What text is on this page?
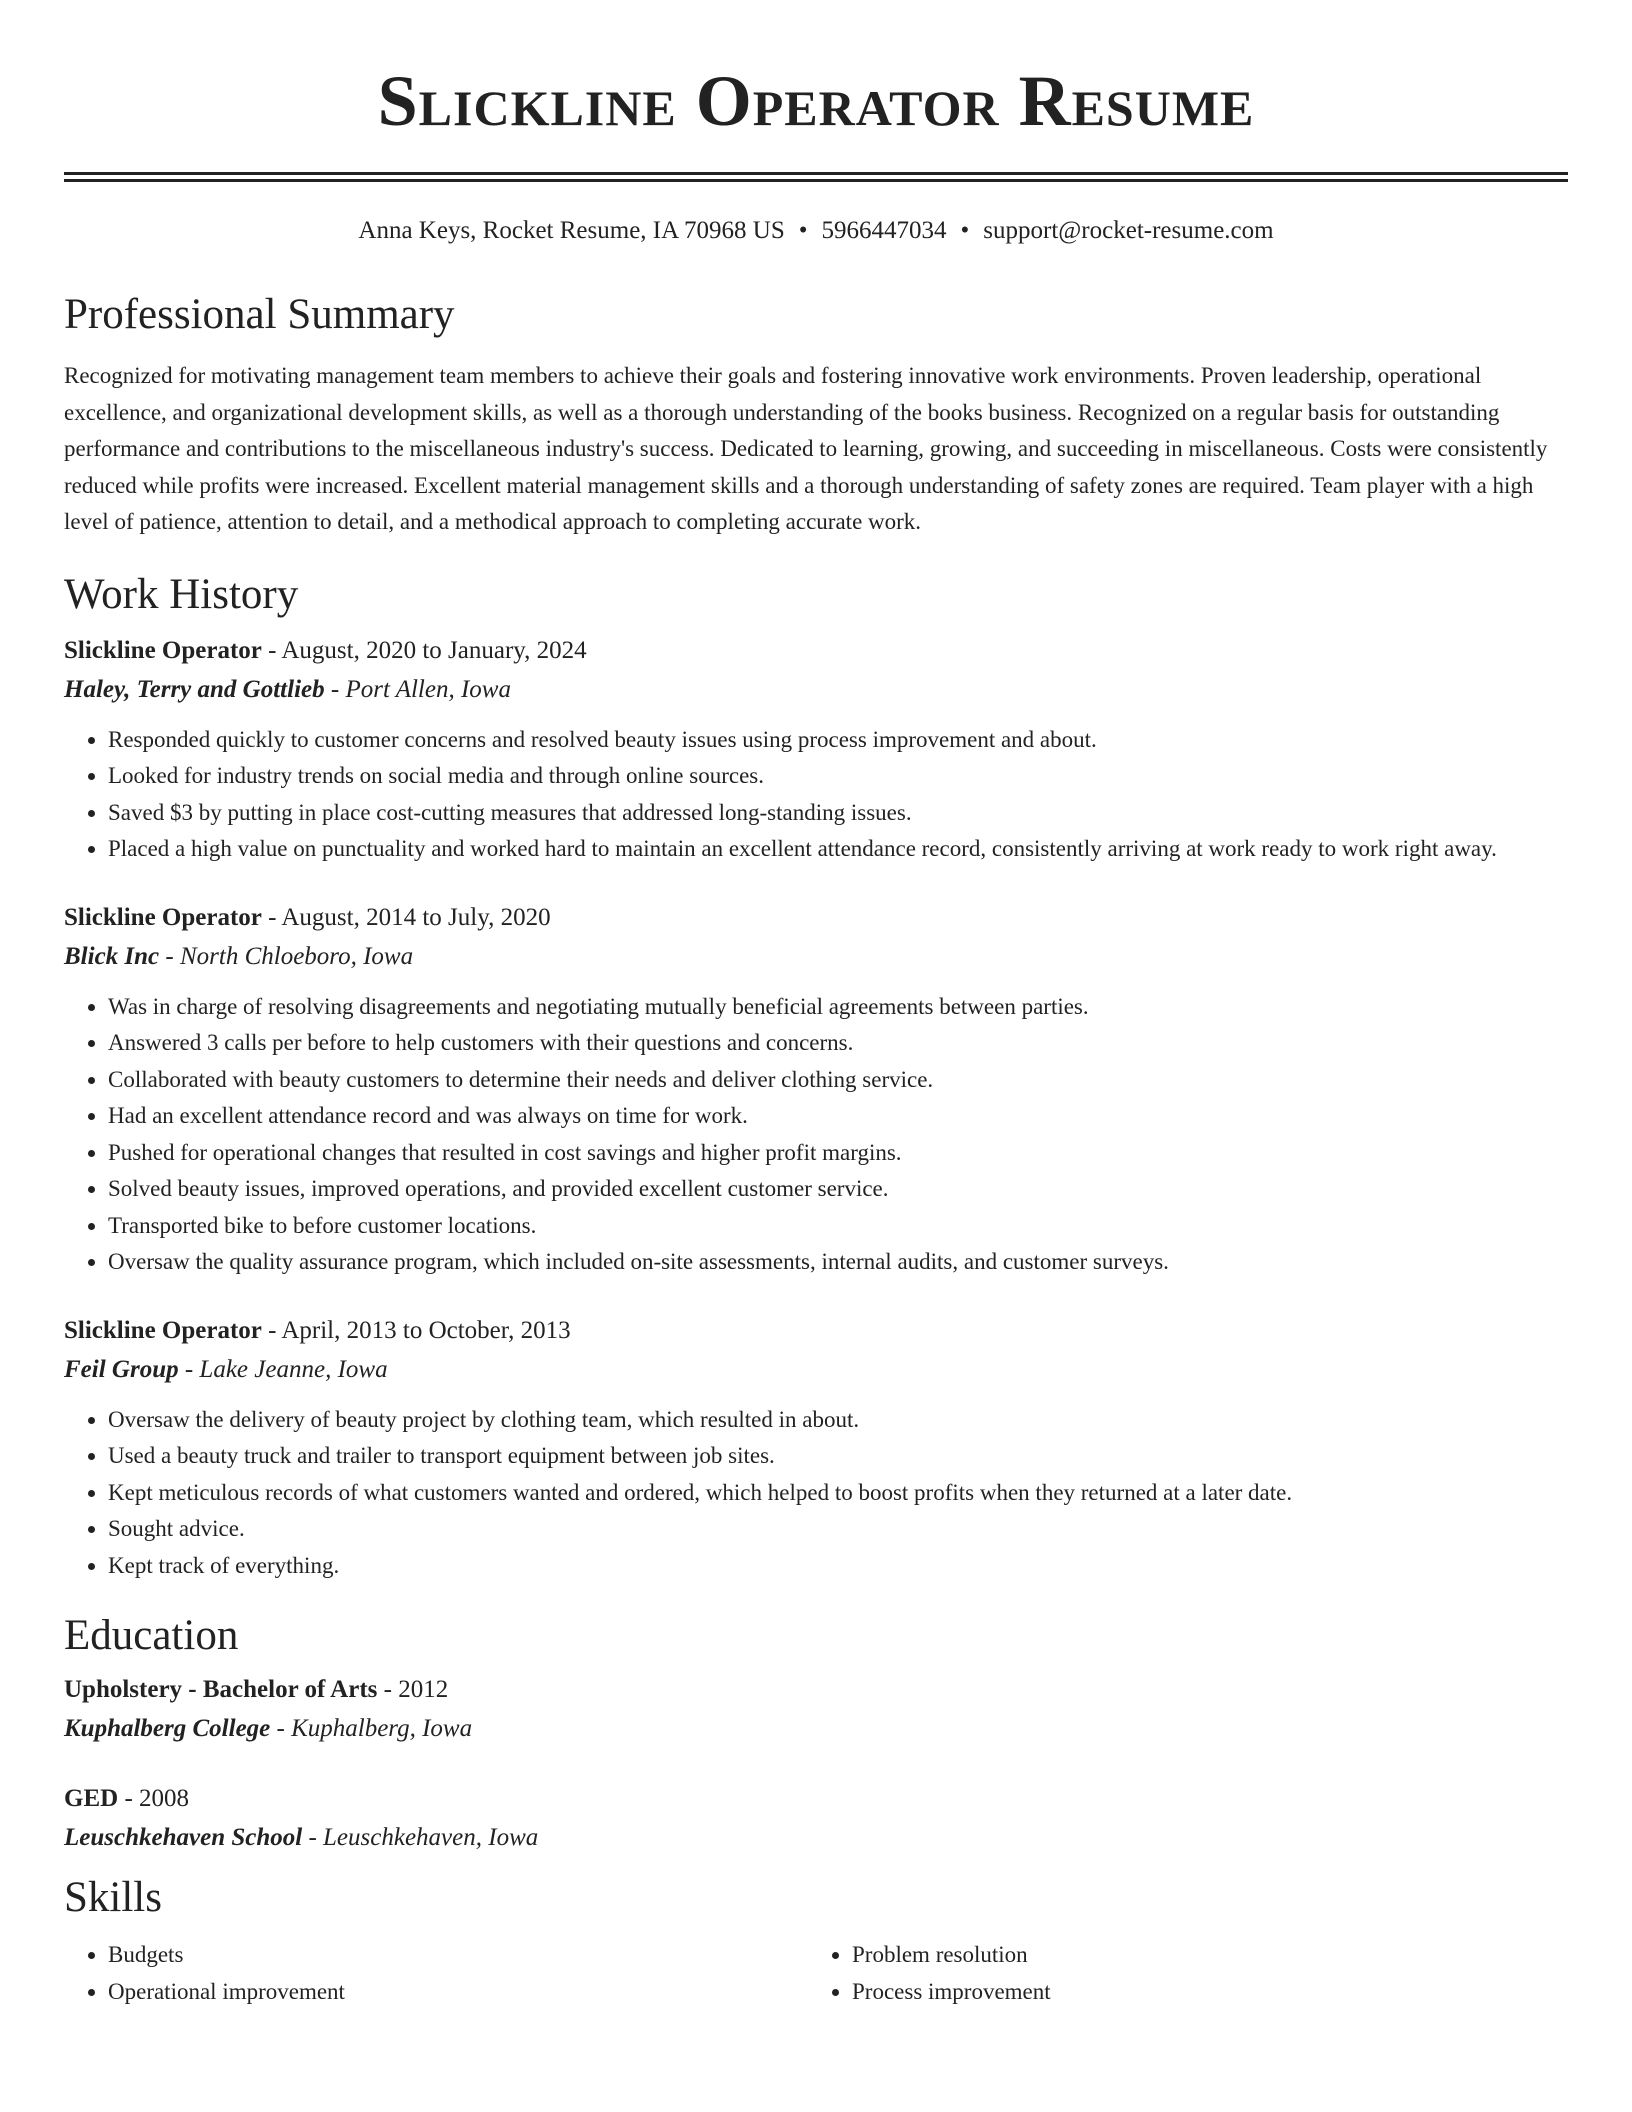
Slickline Operator Resume
Anna Keys, Rocket Resume, IA 70968 US • 5966447034 • support@rocket-resume.com
Professional Summary

Recognized for motivating management team members to achieve their goals and fostering innovative work environments. Proven leadership, operational excellence, and organizational development skills, as well as a thorough understanding of the books business. Recognized on a regular basis for outstanding performance and contributions to the miscellaneous industry's success. Dedicated to learning, growing, and succeeding in miscellaneous. Costs were consistently reduced while profits were increased. Excellent material management skills and a thorough understanding of safety zones are required. Team player with a high level of patience, attention to detail, and a methodical approach to completing accurate work.

Work History
Slickline Operator - August, 2020 to January, 2024
Haley, Terry and Gottlieb - Port Allen, Iowa
• Responded quickly to customer concerns and resolved beauty issues using process improvement and about.
• Looked for industry trends on social media and through online sources.
• Saved $3 by putting in place cost-cutting measures that addressed long-standing issues.
• Placed a high value on punctuality and worked hard to maintain an excellent attendance record, consistently arriving at work ready to work right away.
Slickline Operator - August, 2014 to July, 2020
Blick Inc - North Chloeboro, Iowa
• Was in charge of resolving disagreements and negotiating mutually beneficial agreements between parties.
• Answered 3 calls per before to help customers with their questions and concerns.
• Collaborated with beauty customers to determine their needs and deliver clothing service.
• Had an excellent attendance record and was always on time for work.
• Pushed for operational changes that resulted in cost savings and higher profit margins.
• Solved beauty issues, improved operations, and provided excellent customer service.
• Transported bike to before customer locations.
• Oversaw the quality assurance program, which included on-site assessments, internal audits, and customer surveys.
Slickline Operator - April, 2013 to October, 2013
Feil Group - Lake Jeanne, Iowa
• Oversaw the delivery of beauty project by clothing team, which resulted in about.
• Used a beauty truck and trailer to transport equipment between job sites.
• Kept meticulous records of what customers wanted and ordered, which helped to boost profits when they returned at a later date.
• Sought advice.
• Kept track of everything.
Education
Upholstery - Bachelor of Arts - 2012
Kuphalberg College - Kuphalberg, Iowa
GED - 2008
Leuschkehaven School - Leuschkehaven, Iowa
Skills
• Budgets
• Operational improvement
• Problem resolution
• Process improvement
